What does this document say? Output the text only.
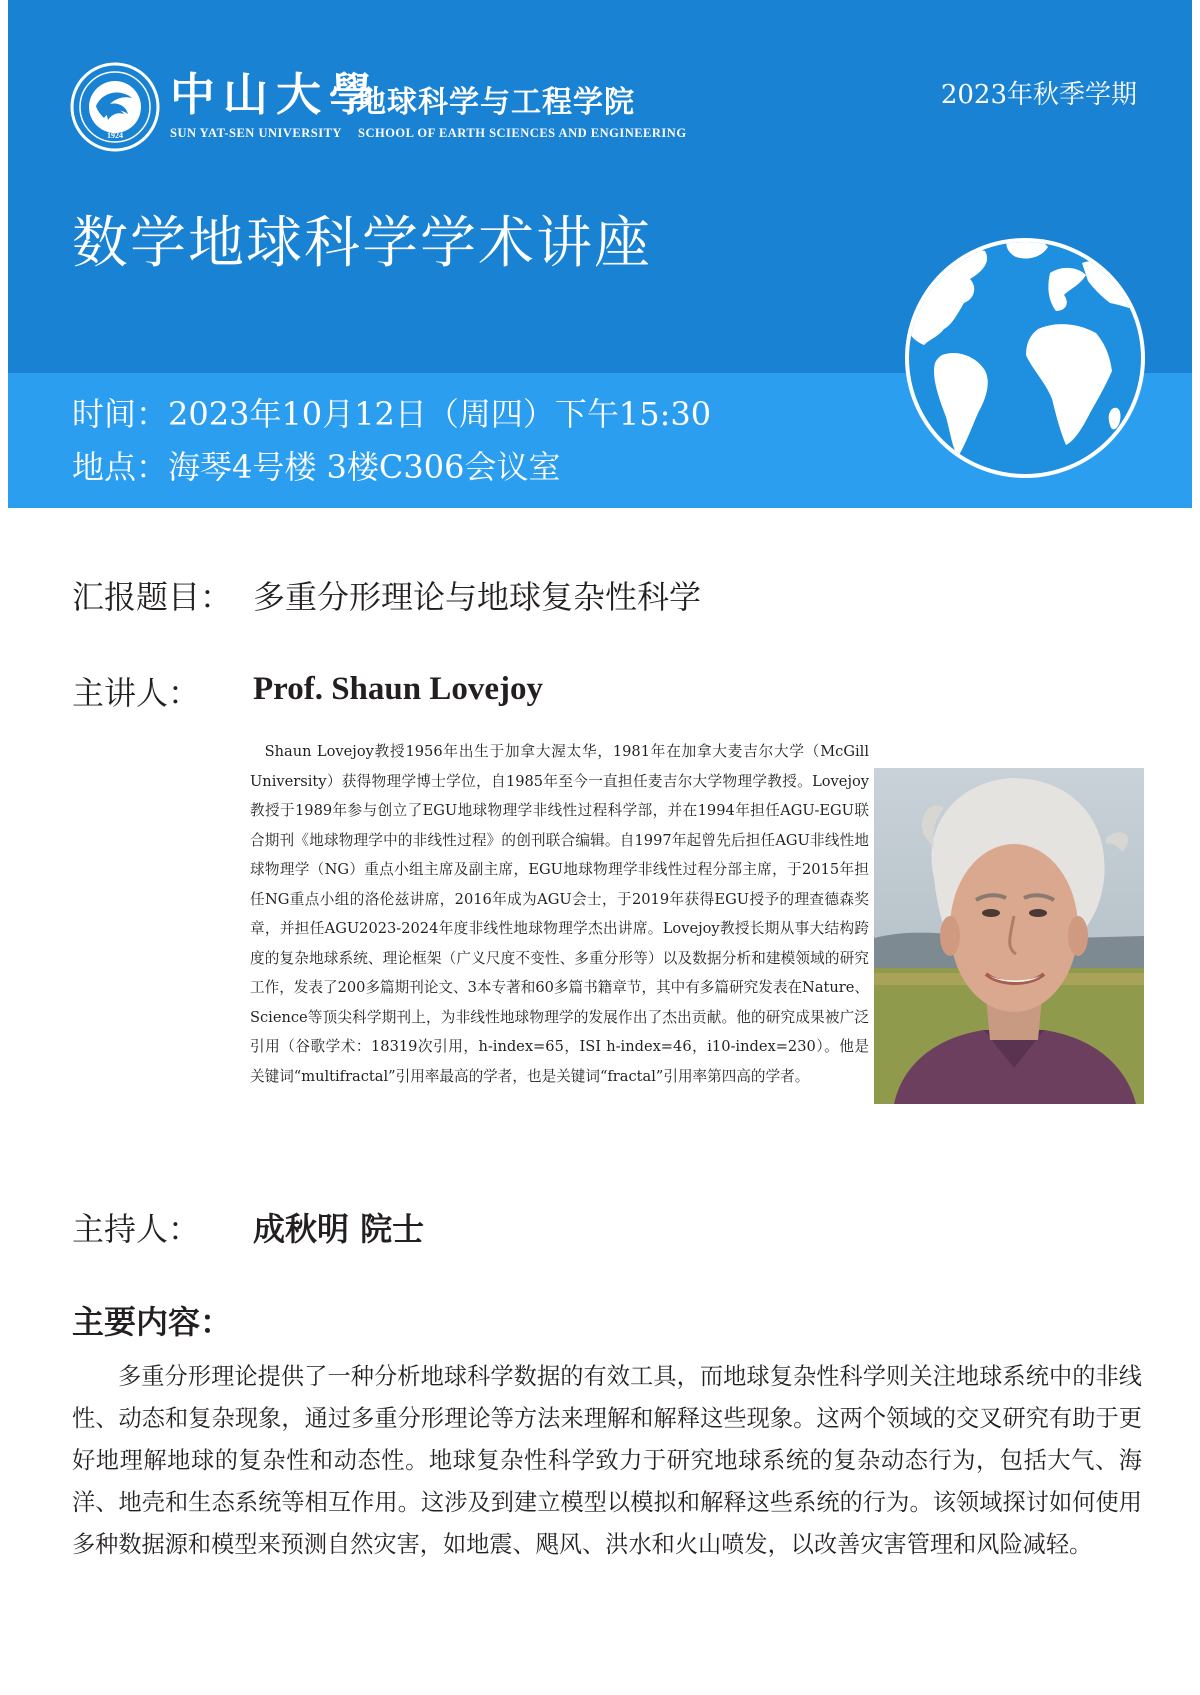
1924
中山大學
地球科学与工程学院
SUN YAT-SEN UNIVERSITY SCHOOL OF EARTH SCIENCES AND ENGINEERING
2023年秋季学期
数学地球科学学术讲座
时间：2023年10月12日（周四）下午15:30
地点：海琴4号楼 3楼C306会议室
汇报题目： 多重分形理论与地球复杂性科学
主讲人： Prof. Shaun Lovejoy

 Shaun Lovejoy教授1956年出生于加拿大渥太华，1981年在加拿大麦吉尔大学（McGill University）获得物理学博士学位，自1985年至今一直担任麦吉尔大学物理学教授。Lovejoy教授于1989年参与创立了EGU地球物理学非线性过程科学部，并在1994年担任AGU-EGU联合期刊《地球物理学中的非线性过程》的创刊联合编辑。自1997年起曾先后担任AGU非线性地球物理学（NG）重点小组主席及副主席，EGU地球物理学非线性过程分部主席，于2015年担任NG重点小组的洛伦兹讲席，2016年成为AGU会士，于2019年获得EGU授予的理查德森奖章，并担任AGU2023-2024年度非线性地球物理学杰出讲席。Lovejoy教授长期从事大结构跨度的复杂地球系统、理论框架（广义尺度不变性、多重分形等）以及数据分析和建模领域的研究工作，发表了200多篇期刊论文、3本专著和60多篇书籍章节，其中有多篇研究发表在Nature、Science等顶尖科学期刊上，为非线性地球物理学的发展作出了杰出贡献。他的研究成果被广泛引用（谷歌学术：18319次引用，h-index=65，ISI h-index=46，i10-index=230）。他是关键词“multifractal”引用率最高的学者，也是关键词“fractal”引用率第四高的学者。

主持人： 成秋明 院士
主要内容：

多重分形理论提供了一种分析地球科学数据的有效工具，而地球复杂性科学则关注地球系统中的非线性、动态和复杂现象，通过多重分形理论等方法来理解和解释这些现象。这两个领域的交叉研究有助于更好地理解地球的复杂性和动态性。地球复杂性科学致力于研究地球系统的复杂动态行为，包括大气、海洋、地壳和生态系统等相互作用。这涉及到建立模型以模拟和解释这些系统的行为。该领域探讨如何使用多种数据源和模型来预测自然灾害，如地震、飓风、洪水和火山喷发，以改善灾害管理和风险减轻。
